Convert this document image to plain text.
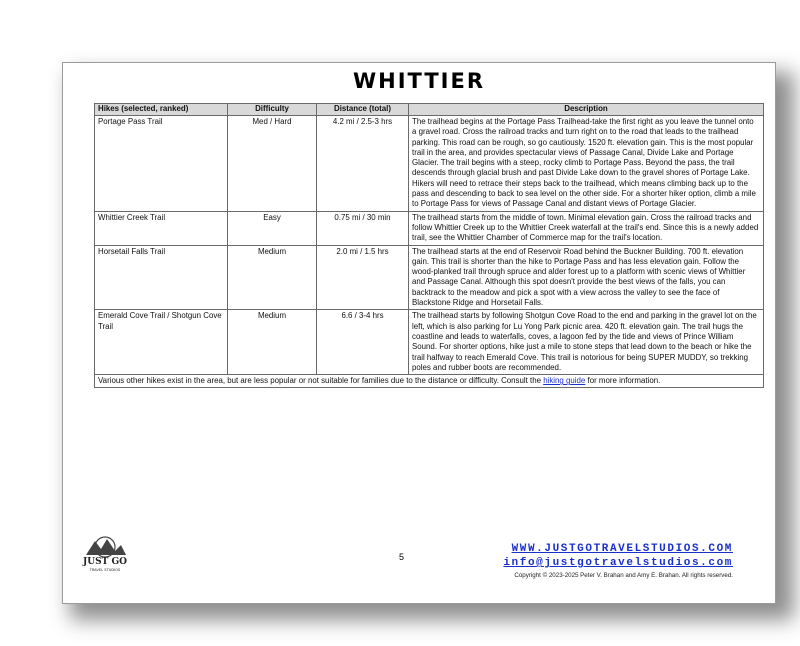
WHITTIER
Hikes (selected, ranked)	Difficulty	Distance (total)	Description
Portage Pass Trail	Med / Hard	4.2 mi / 2.5-3 hrs	The trailhead begins at the Portage Pass Trailhead-take the first right as you leave the tunnel onto a gravel road. Cross the railroad tracks and turn right on to the road that leads to the trailhead parking. This road can be rough, so go cautiously. 1520 ft. elevation gain. This is the most popular trail in the area, and provides spectacular views of Passage Canal, Divide Lake and Portage Glacier. The trail begins with a steep, rocky climb to Portage Pass. Beyond the pass, the trail descends through glacial brush and past Divide Lake down to the gravel shores of Portage Lake. Hikers will need to retrace their steps back to the trailhead, which means climbing back up to the pass and descending to back to sea level on the other side. For a shorter hiker option, climb a mile to Portage Pass for views of Passage Canal and distant views of Portage Glacier.
Whittier Creek Trail	Easy	0.75 mi / 30 min	The trailhead starts from the middle of town. Minimal elevation gain. Cross the railroad tracks and follow Whittier Creek up to the Whittier Creek waterfall at the trail's end. Since this is a newly added trail, see the Whittier Chamber of Commerce map for the trail's location.
Horsetail Falls Trail	Medium	2.0 mi / 1.5 hrs	The trailhead starts at the end of Reservoir Road behind the Buckner Building. 700 ft. elevation gain. This trail is shorter than the hike to Portage Pass and has less elevation gain. Follow the wood-planked trail through spruce and alder forest up to a platform with scenic views of Whittier and Passage Canal. Although this spot doesn't provide the best views of the falls, you can backtrack to the meadow and pick a spot with a view across the valley to see the face of Blackstone Ridge and Horsetail Falls.
Emerald Cove Trail / Shotgun Cove Trail	Medium	6.6 / 3-4 hrs	The trailhead starts by following Shotgun Cove Road to the end and parking in the gravel lot on the left, which is also parking for Lu Yong Park picnic area. 420 ft. elevation gain. The trail hugs the coastline and leads to waterfalls, coves, a lagoon fed by the tide and views of Prince William Sound. For shorter options, hike just a mile to stone steps that lead down to the beach or hike the trail halfway to reach Emerald Cove. This trail is notorious for being SUPER MUDDY, so trekking poles and rubber boots are recommended.
Various other hikes exist in the area, but are less popular or not suitable for families due to the distance or difficulty. Consult the hiking guide for more information.			
JUST GO
TRAVEL STUDIOS
5
WWW.JUSTGOTRAVELSTUDIOS.COM
info@justgotravelstudios.com
Copyright © 2023-2025 Peter V. Brahan and Amy E. Brahan. All rights reserved.
